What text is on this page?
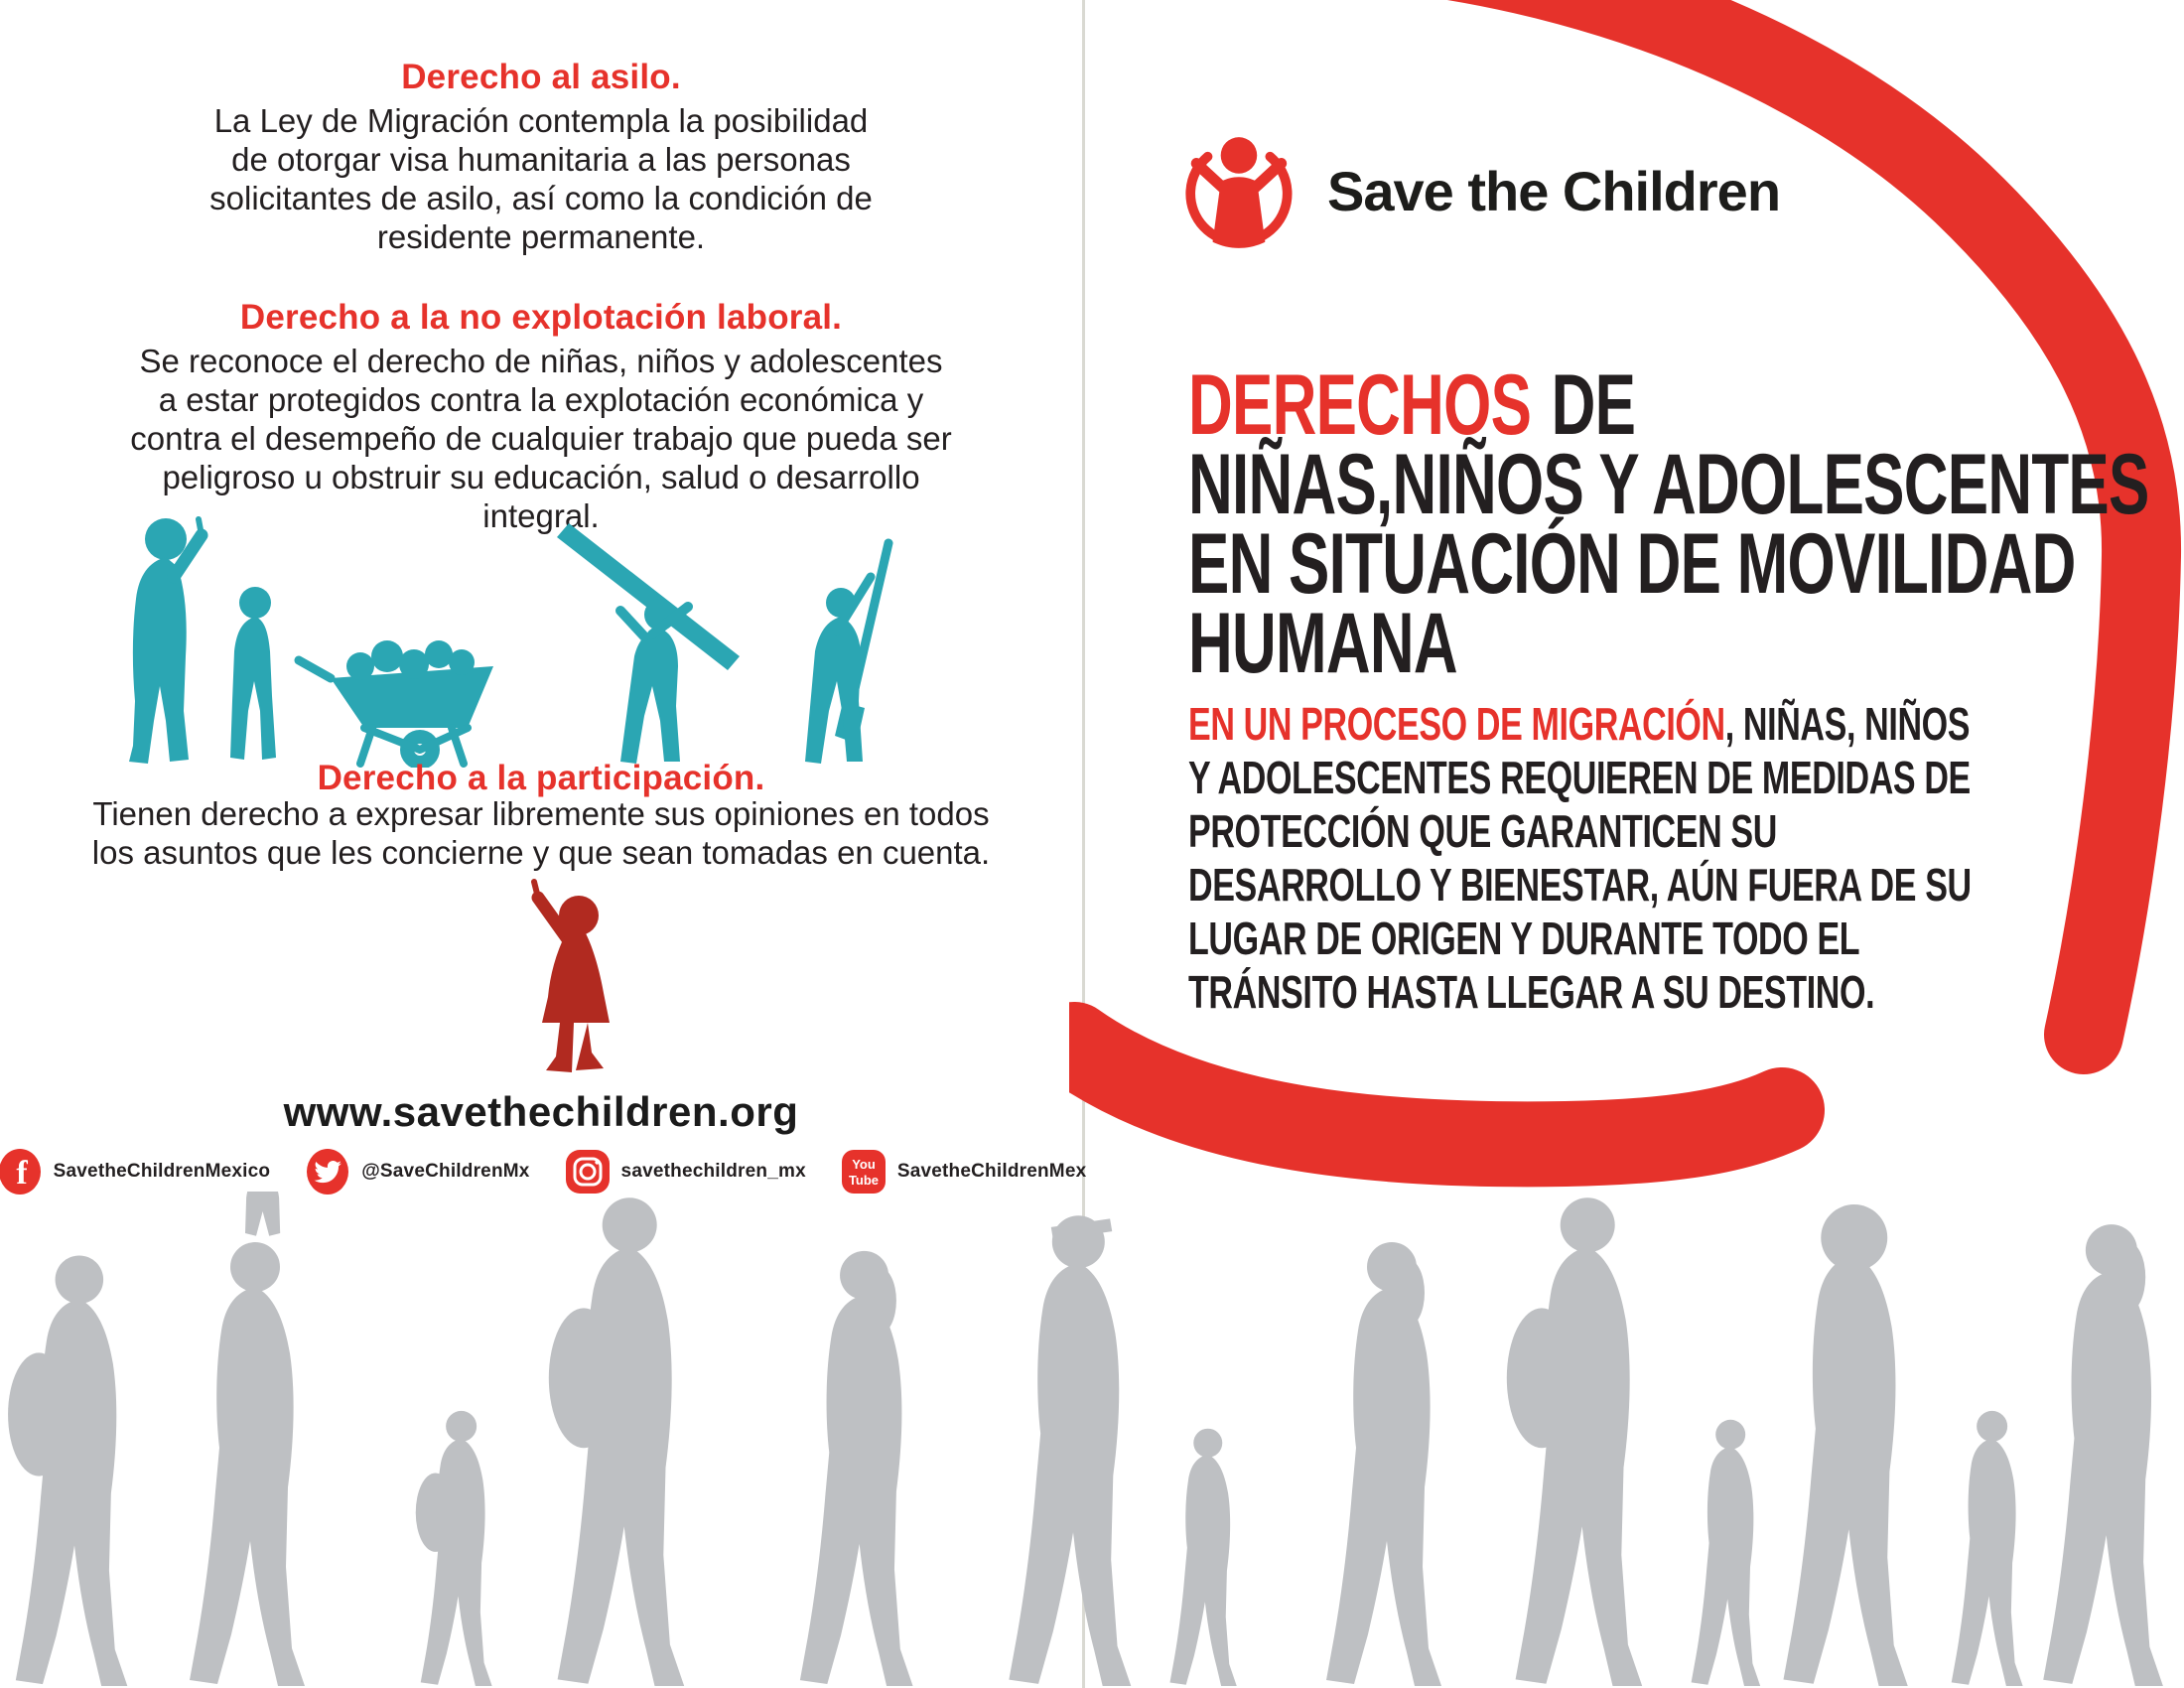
Derecho al asilo.
La Ley de Migración contempla la posibilidad de otorgar visa humanitaria a las personas solicitantes de asilo, así como la condición de residente permanente.
Derecho a la no explotación laboral.
Se reconoce el derecho de niñas, niños y adolescentes a estar protegidos contra la explotación económica y contra el desempeño de cualquier trabajo que pueda ser peligroso u obstruir su educación, salud o desarrollo integral.
Derecho a la participación.
Tienen derecho a expresar libremente sus opiniones en todos los asuntos que les concierne y que sean tomadas en cuenta.
www.savethechildren.org
f SavetheChildrenMexico	@SaveChildrenMx	savethechildren_mx	You
Tube SavetheChildrenMex
Save the Children
DERECHOS DE
NIÑAS,NIÑOS Y ADOLESCENTES
EN SITUACIÓN DE MOVILIDAD
HUMANA
EN UN PROCESO DE MIGRACIÓN, NIÑAS, NIÑOS Y ADOLESCENTES REQUIEREN DE MEDIDAS DE PROTECCIÓN QUE GARANTICEN SU DESARROLLO Y BIENESTAR, AÚN FUERA DE SU LUGAR DE ORIGEN Y DURANTE TODO EL TRÁNSITO HASTA LLEGAR A SU DESTINO.
